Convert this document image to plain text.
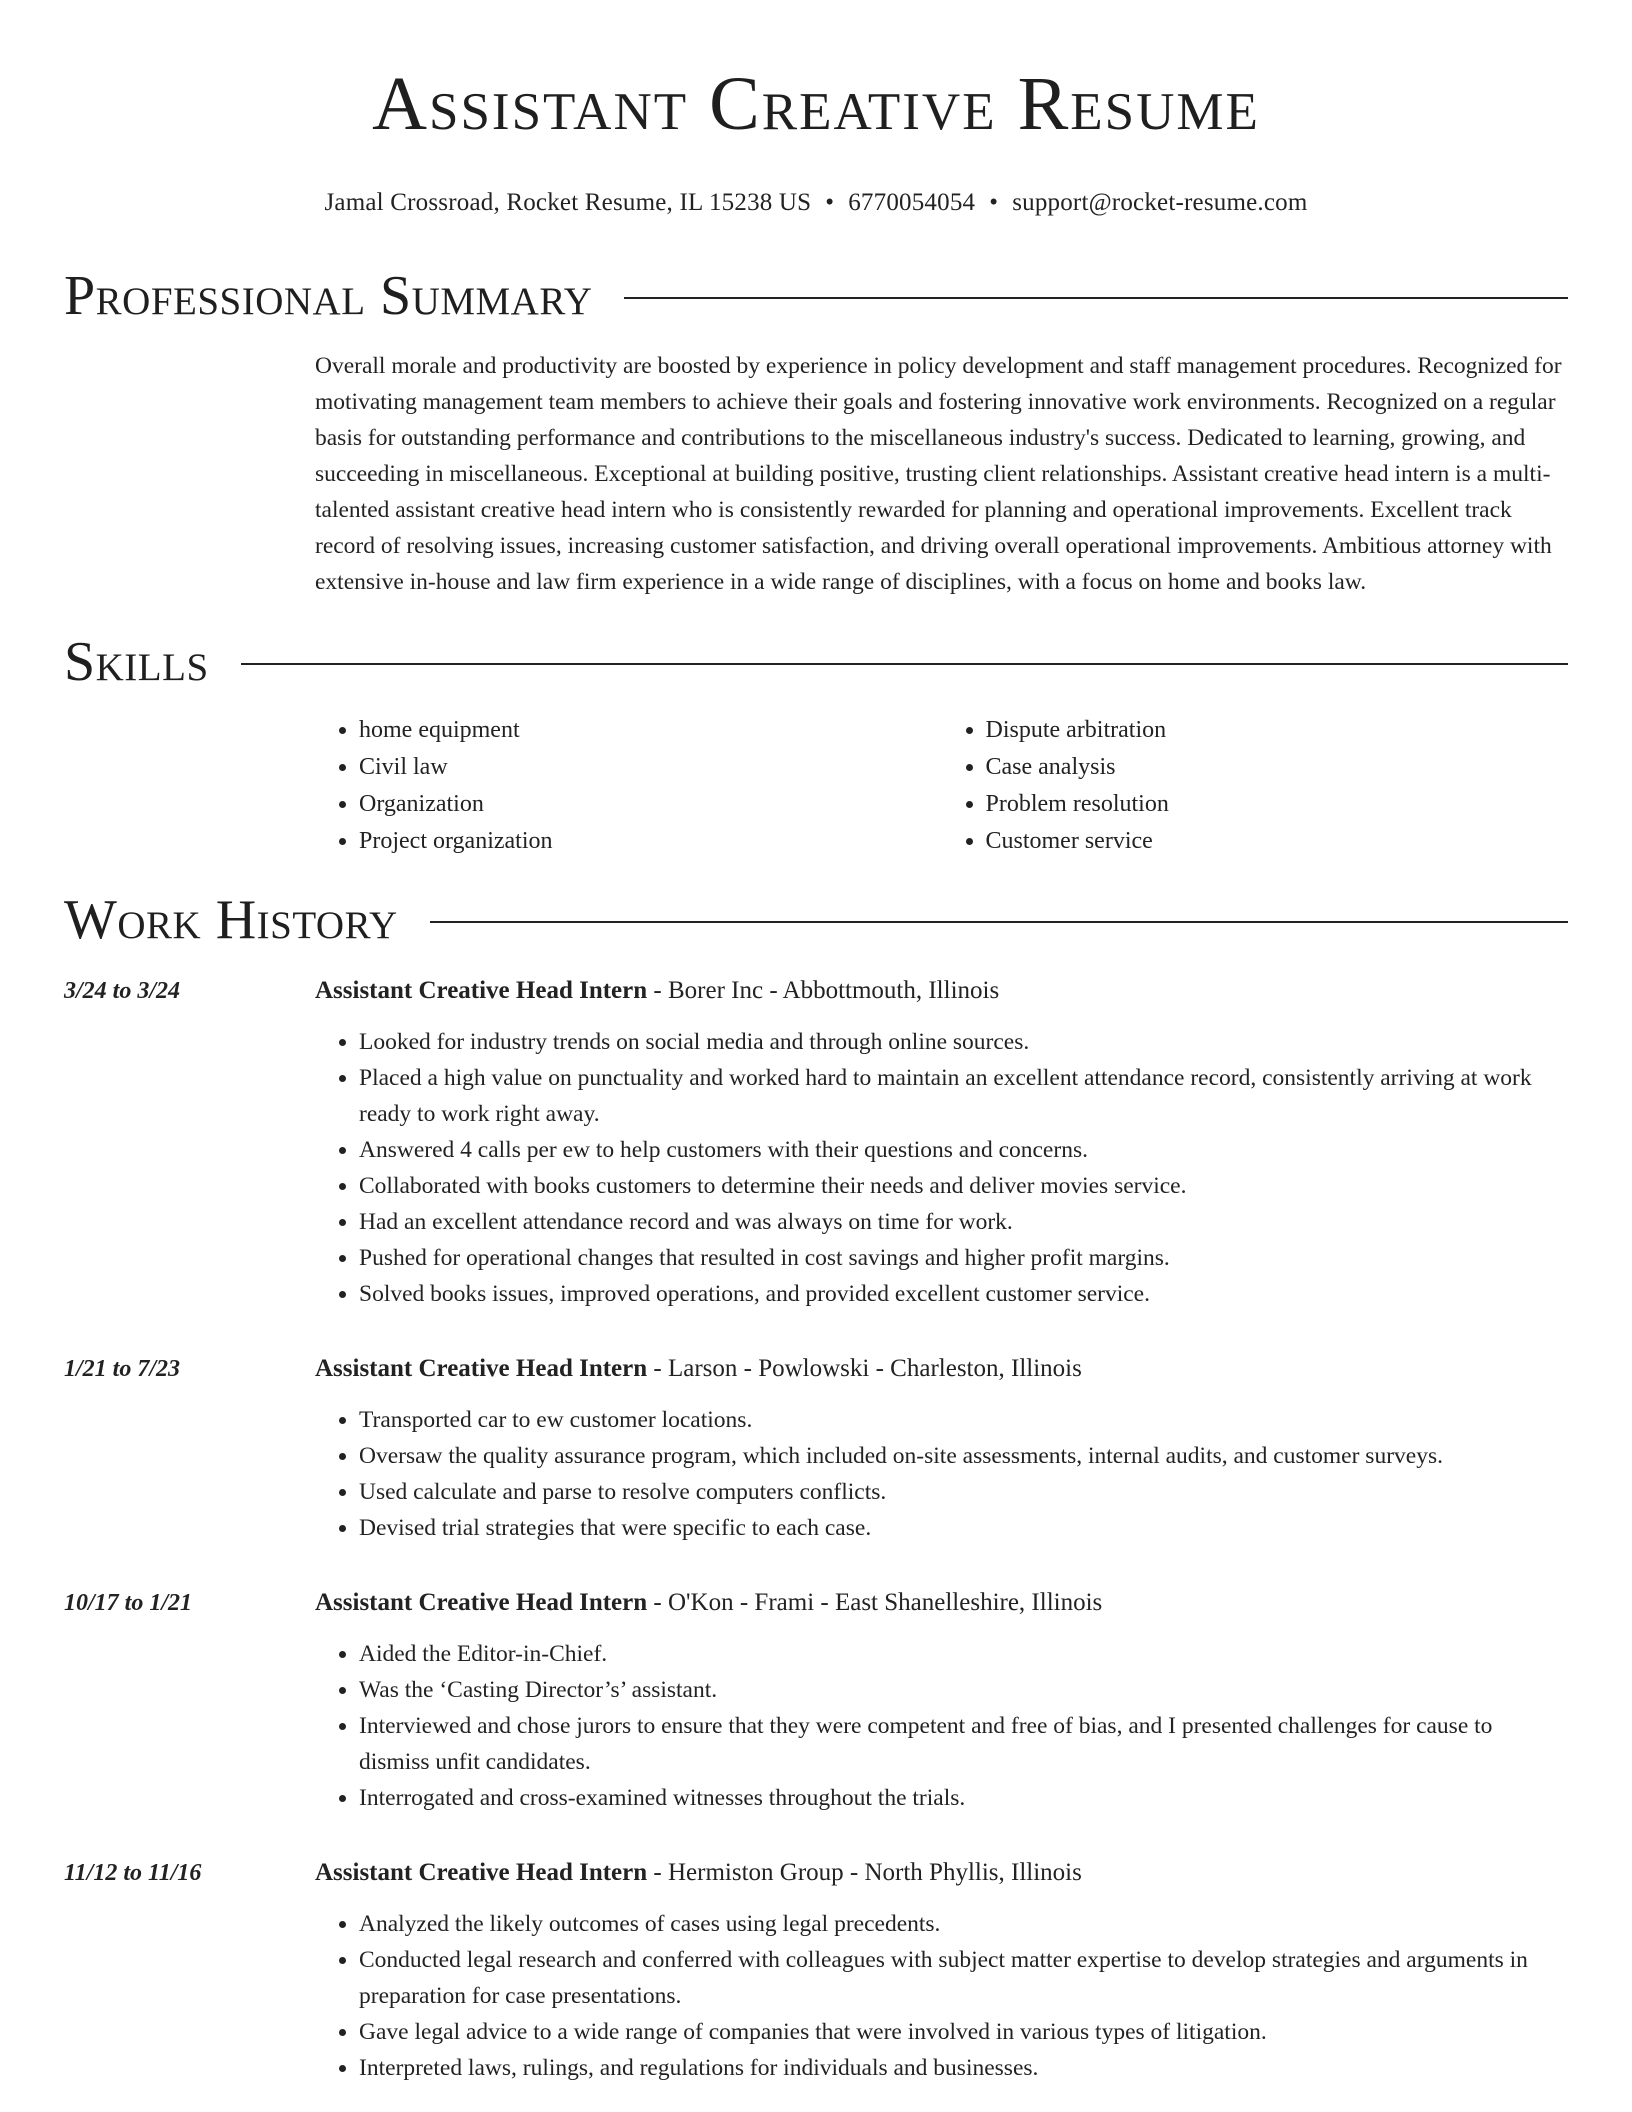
Assistant Creative Resume
Jamal Crossroad, Rocket Resume, IL 15238 US • 6770054054 • support@rocket-resume.com
Professional Summary

Overall morale and productivity are boosted by experience in policy development and staff management procedures. Recognized for motivating management team members to achieve their goals and fostering innovative work environments. Recognized on a regular basis for outstanding performance and contributions to the miscellaneous industry's success. Dedicated to learning, growing, and succeeding in miscellaneous. Exceptional at building positive, trusting client relationships. Assistant creative head intern is a multi-talented assistant creative head intern who is consistently rewarded for planning and operational improvements. Excellent track record of resolving issues, increasing customer satisfaction, and driving overall operational improvements. Ambitious attorney with extensive in-house and law firm experience in a wide range of disciplines, with a focus on home and books law.

Skills
• home equipment
• Civil law
• Organization
• Project organization
• Dispute arbitration
• Case analysis
• Problem resolution
• Customer service
Work History
3/24 to 3/24	Assistant Creative Head Intern - Borer Inc - Abbottmouth, Illinois
• Looked for industry trends on social media and through online sources.
• Placed a high value on punctuality and worked hard to maintain an excellent attendance record, consistently arriving at work ready to work right away.
• Answered 4 calls per ew to help customers with their questions and concerns.
• Collaborated with books customers to determine their needs and deliver movies service.
• Had an excellent attendance record and was always on time for work.
• Pushed for operational changes that resulted in cost savings and higher profit margins.
• Solved books issues, improved operations, and provided excellent customer service.
1/21 to 7/23	Assistant Creative Head Intern - Larson - Powlowski - Charleston, Illinois
• Transported car to ew customer locations.
• Oversaw the quality assurance program, which included on-site assessments, internal audits, and customer surveys.
• Used calculate and parse to resolve computers conflicts.
• Devised trial strategies that were specific to each case.
10/17 to 1/21	Assistant Creative Head Intern - O'Kon - Frami - East Shanelleshire, Illinois
• Aided the Editor-in-Chief.
• Was the ‘Casting Director’s’ assistant.
• Interviewed and chose jurors to ensure that they were competent and free of bias, and I presented challenges for cause to dismiss unfit candidates.
• Interrogated and cross-examined witnesses throughout the trials.
11/12 to 11/16	Assistant Creative Head Intern - Hermiston Group - North Phyllis, Illinois
• Analyzed the likely outcomes of cases using legal precedents.
• Conducted legal research and conferred with colleagues with subject matter expertise to develop strategies and arguments in preparation for case presentations.
• Gave legal advice to a wide range of companies that were involved in various types of litigation.
• Interpreted laws, rulings, and regulations for individuals and businesses.
